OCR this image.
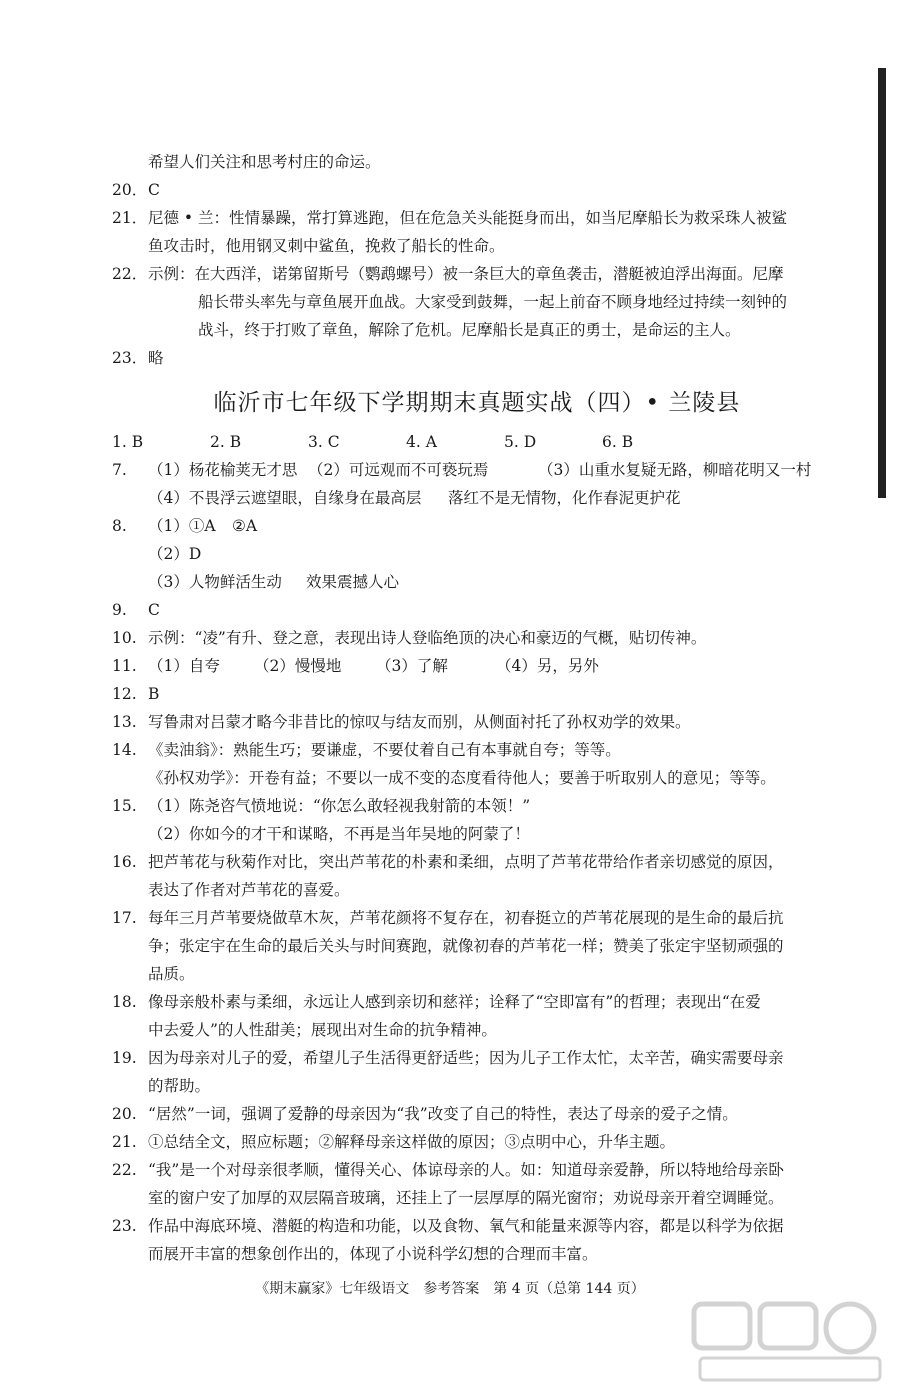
希望人们关注和思考村庄的命运。
20．C
21．尼德 • 兰：性情暴躁，常打算逃跑，但在危急关头能挺身而出，如当尼摩船长为救采珠人被鲨
鱼攻击时，他用钢叉刺中鲨鱼，挽救了船长的性命。
22．示例：在大西洋，诺第留斯号（鹦鹉螺号）被一条巨大的章鱼袭击，潜艇被迫浮出海面。尼摩
船长带头率先与章鱼展开血战。大家受到鼓舞，一起上前奋不顾身地经过持续一刻钟的
战斗，终于打败了章鱼，解除了危机。尼摩船长是真正的勇士，是命运的主人。
23．略
临沂市七年级下学期期末真题实战（四）• 兰陵县
1. B	2. B	3. C	4. A	5. D	6. B
7. （1）杨花榆荚无才思 （2）可远观而不可亵玩焉	（3）山重水复疑无路，柳暗花明又一村
（4）不畏浮云遮望眼，自缘身在最高层 落红不是无情物，化作春泥更护花
8. （1）①A ②A
（2）D
（3）人物鲜活生动 效果震撼人心
9. C
10. 示例：“凌”有升、登之意，表现出诗人登临绝顶的决心和豪迈的气概，贴切传神。
11. （1）自夸 （2）慢慢地 （3）了解	（4）另，另外
12. B
13. 写鲁肃对吕蒙才略今非昔比的惊叹与结友而别，从侧面衬托了孙权劝学的效果。
14. 《卖油翁》：熟能生巧；要谦虚，不要仗着自己有本事就自夸；等等。
《孙权劝学》：开卷有益；不要以一成不变的态度看待他人；要善于听取别人的意见；等等。
15. （1）陈尧咨气愤地说：“你怎么敢轻视我射箭的本领！”
（2）你如今的才干和谋略，不再是当年吴地的阿蒙了！
16. 把芦苇花与秋菊作对比，突出芦苇花的朴素和柔细，点明了芦苇花带给作者亲切感觉的原因，
表达了作者对芦苇花的喜爱。
17. 每年三月芦苇要烧做草木灰，芦苇花颜将不复存在，初春挺立的芦苇花展现的是生命的最后抗
争；张定宇在生命的最后关头与时间赛跑，就像初春的芦苇花一样；赞美了张定宇坚韧顽强的
品质。
18. 像母亲般朴素与柔细，永远让人感到亲切和慈祥；诠释了“空即富有”的哲理；表现出“在爱
中去爱人”的人性甜美；展现出对生命的抗争精神。
19. 因为母亲对儿子的爱，希望儿子生活得更舒适些；因为儿子工作太忙，太辛苦，确实需要母亲
的帮助。
20. “居然”一词，强调了爱静的母亲因为“我”改变了自己的特性，表达了母亲的爱子之情。
21. ①总结全文，照应标题；②解释母亲这样做的原因；③点明中心，升华主题。
22. “我”是一个对母亲很孝顺，懂得关心、体谅母亲的人。如：知道母亲爱静，所以特地给母亲卧
室的窗户安了加厚的双层隔音玻璃，还挂上了一层厚厚的隔光窗帘；劝说母亲开着空调睡觉。
23. 作品中海底环境、潜艇的构造和功能，以及食物、氧气和能量来源等内容，都是以科学为依据
而展开丰富的想象创作出的，体现了小说科学幻想的合理而丰富。
《期末赢家》七年级语文　参考答案　第 4 页（总第 144 页）
